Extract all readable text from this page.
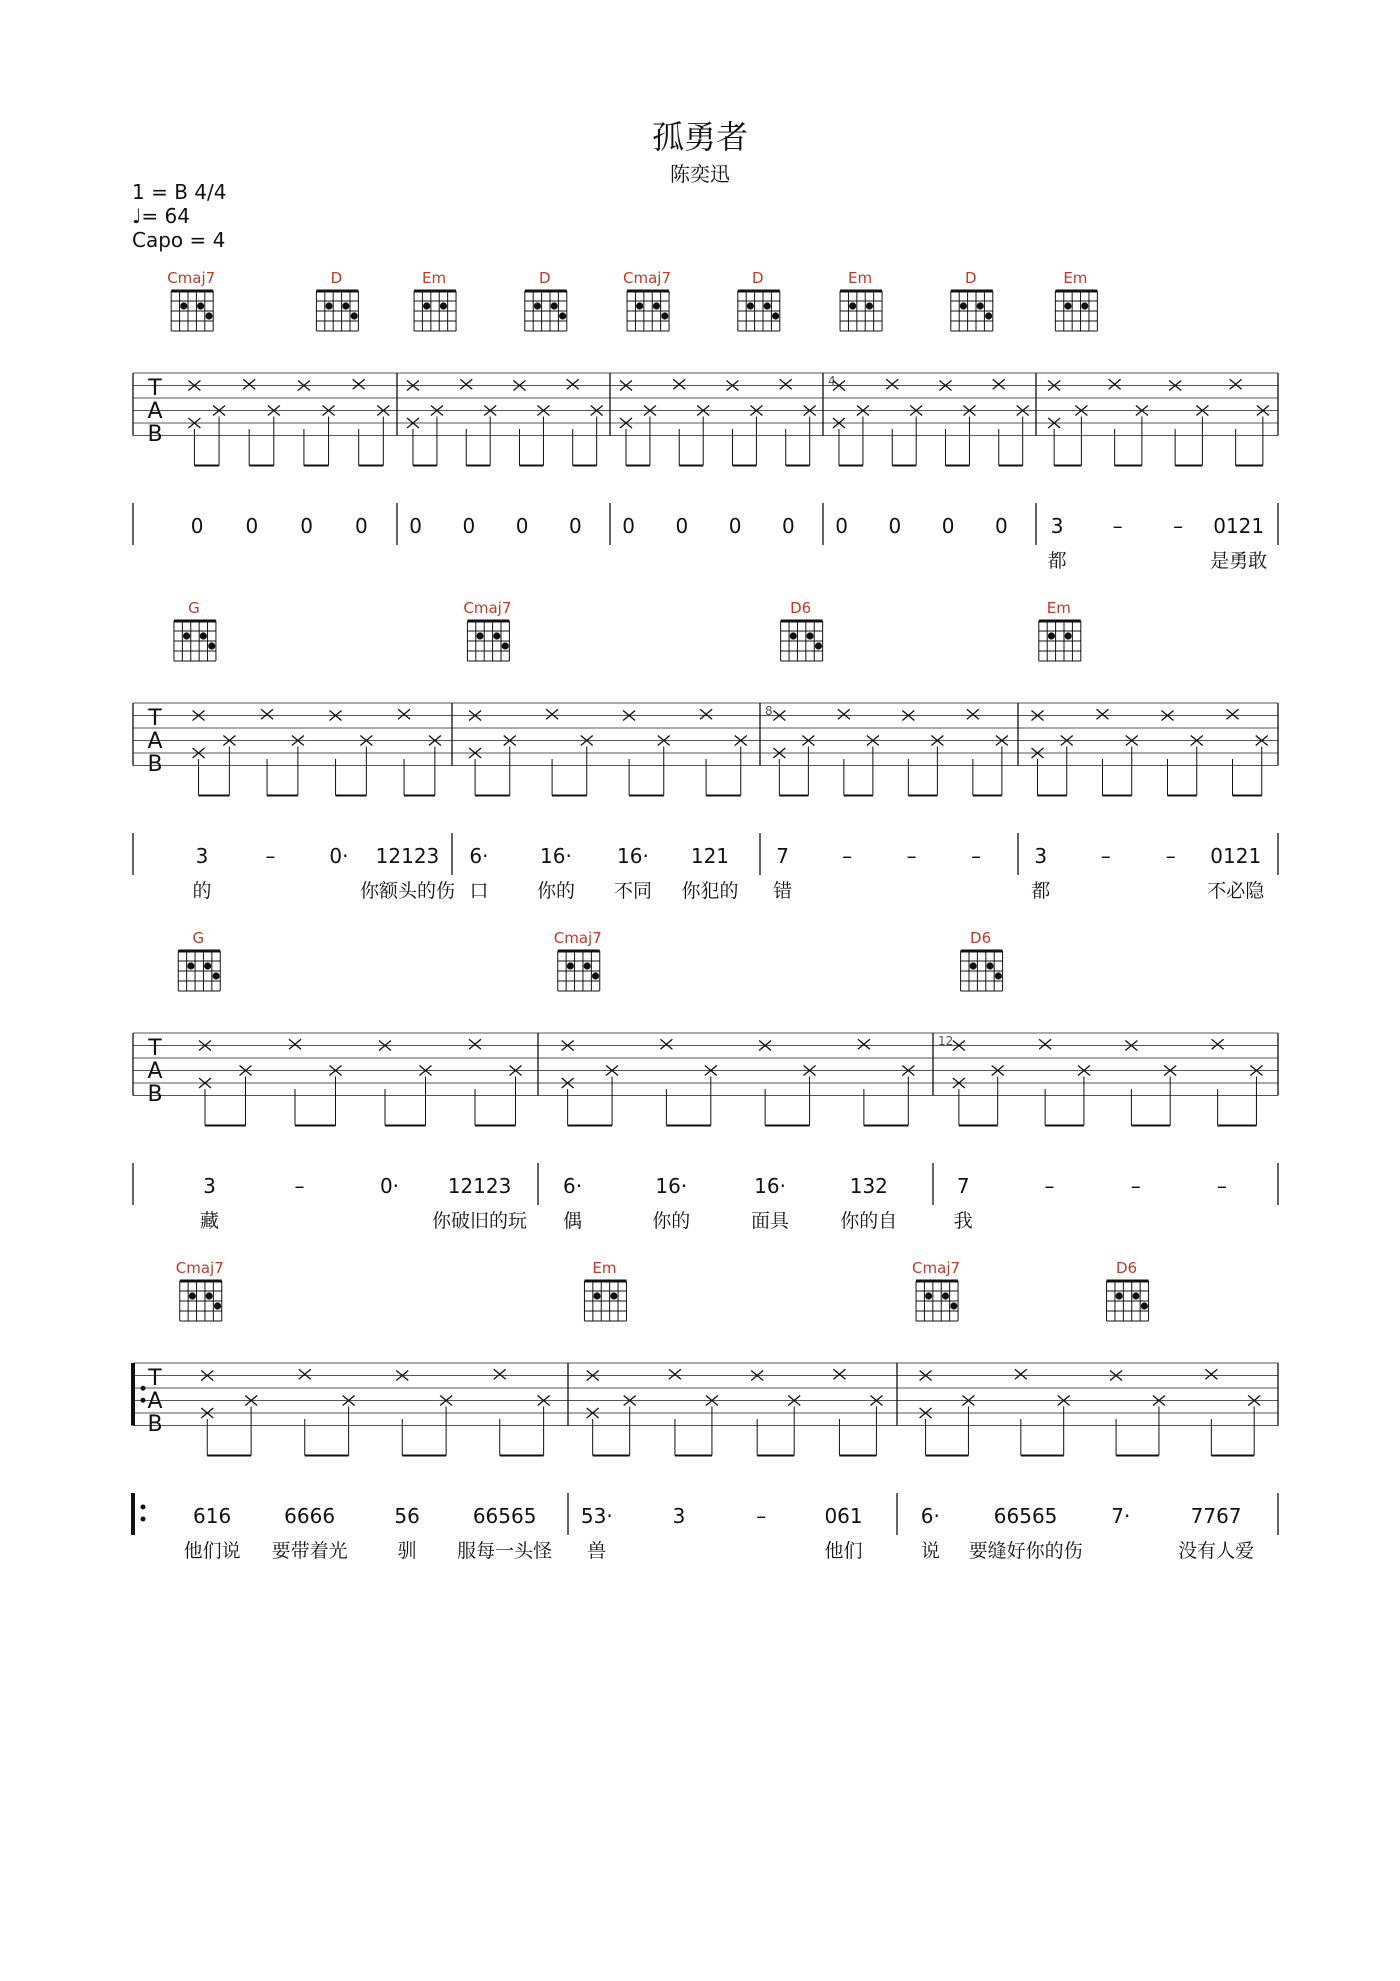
孤勇者
陈奕迅
1 = B 4/4
♩= 64
Capo = 4
T
A
B
Cmaj7	D	Em	D	Cmaj7	D	Em	D	Em
4
0 0 0 0 0 0 0 0 0 0 0 0 0 0 0 0 3
都
–	– 0121
是勇敢
T
A
B
G	Cmaj7	D6	Em
8
3
的
–	0· 12123
你额头的伤
6·
口
16·
你的
16·
不同
121
你犯的
7
错
–	–	–	3
都
–	– 0121
不必隐
T
A
B
G	Cmaj7	D6
12
3
藏
–	0· 12123
你破旧的玩
6·
偶
16·
你的
16·
面具
132
你的自
7
我
–	–	–
T
A
B
Cmaj7	Em	Cmaj7	D6
616
他们说
6666
要带着光
56
驯
66565
服每一头怪
53·
兽
3	–	061
他们
6·
说
66565
要缝好你的伤
7·	7767
没有人爱
